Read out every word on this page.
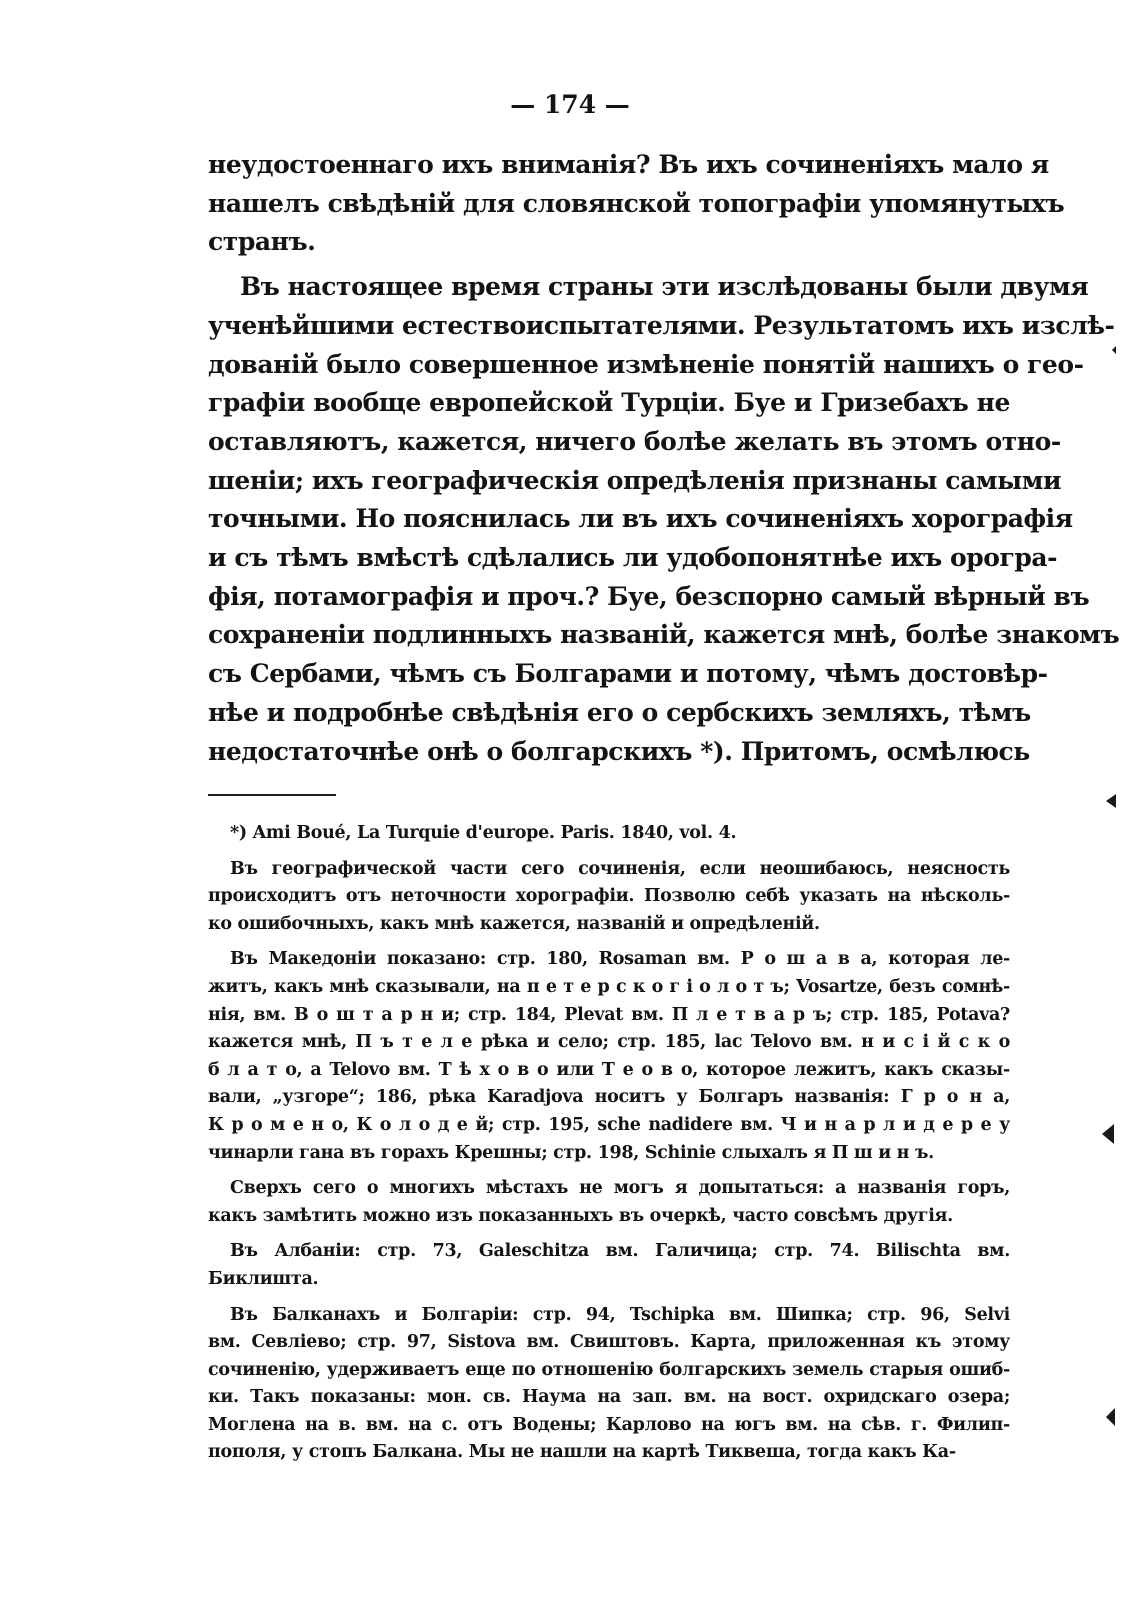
— 174 —

неудостоеннаго ихъ вниманія? Въ ихъ сочиненіяхъ мало я
нашелъ свѣдѣній для словянской топографіи упомянутыхъ
странъ.

Въ настоящее время страны эти изслѣдованы были двумя
ученѣйшими естествоиспытателями. Результатомъ ихъ изслѣ-
дованій было совершенное измѣненіе понятій нашихъ о гео-
графіи вообще европейской Турціи. Буе и Гризебахъ не
оставляютъ, кажется, ничего болѣе желать въ этомъ отно-
шеніи; ихъ географическія опредѣленія признаны самыми
точными. Но пояснилась ли въ ихъ сочиненіяхъ хорографія
и съ тѣмъ вмѣстѣ сдѣлались ли удобопонятнѣе ихъ орогра-
фія, потамографія и проч.? Буе, безспорно самый вѣрный въ
сохраненіи подлинныхъ названій, кажется мнѣ, болѣе знакомъ
съ Сербами, чѣмъ съ Болгарами и потому, чѣмъ достовѣр-
нѣе и подробнѣе свѣдѣнія его о сербскихъ земляхъ, тѣмъ
недостаточнѣе онѣ о болгарскихъ *). Притомъ, осмѣлюсь

*) Ami Boué, La Turquie d'europe. Paris. 1840, vol. 4.
Въ географической части сего сочиненія, если неошибаюсь, неясность
происходитъ отъ неточности хорографіи. Позволю себѣ указать на нѣсколь-
ко ошибочныхъ, какъ мнѣ кажется, названій и опредѣленій.
Въ Македоніи показано: стр. 180, Rosaman вм. Р о ш а в а, которая ле-
житъ, какъ мнѣ сказывали, на п е т е р с к о г і о л о т ъ; Vosartze, безъ сомнѣ-
нія, вм. В о ш т а р н и; стр. 184, Plevat вм. П л е т в а р ъ; стр. 185, Potava?
кажется мнѣ, П ъ т е л е рѣка и село; стр. 185, lac Telovo вм. н и с і й с к о
б л а т о, а Telovo вм. Т ѣ х о в о или Т е о в о, которое лежитъ, какъ сказы-
вали, „узгоре“; 186, рѣка Karadjova носитъ у Болгаръ названія: Г р о н а,
К р о м е н о, К о л о д е й; стр. 195, sche nadidere вм. Ч и н а р л и д е р е у
чинарли гана въ горахъ Крешны; стр. 198, Schinie слыхалъ я П ш и н ъ.
Сверхъ сего о многихъ мѣстахъ не могъ я допытаться: а названія горъ,
какъ замѣтить можно изъ показанныхъ въ очеркѣ, часто совсѣмъ другія.
Въ Албаніи: стр. 73, Galeschitza вм. Галичица; стр. 74. Bilischta вм.
Биклишта.
Въ Балканахъ и Болгаріи: стр. 94, Tschipka вм. Шипка; стр. 96, Selvi
вм. Севліево; стр. 97, Sistova вм. Свиштовъ. Карта, приложенная къ этому
сочиненію, удерживаетъ еще по отношенію болгарскихъ земель старыя ошиб-
ки. Такъ показаны: мон. св. Наума на зап. вм. на вост. охридскаго озера;
Моглена на в. вм. на с. отъ Водены; Карлово на югъ вм. на сѣв. г. Филип-
пополя, у стопъ Балкана. Мы не нашли на картѣ Тиквеша, тогда какъ Ка-
